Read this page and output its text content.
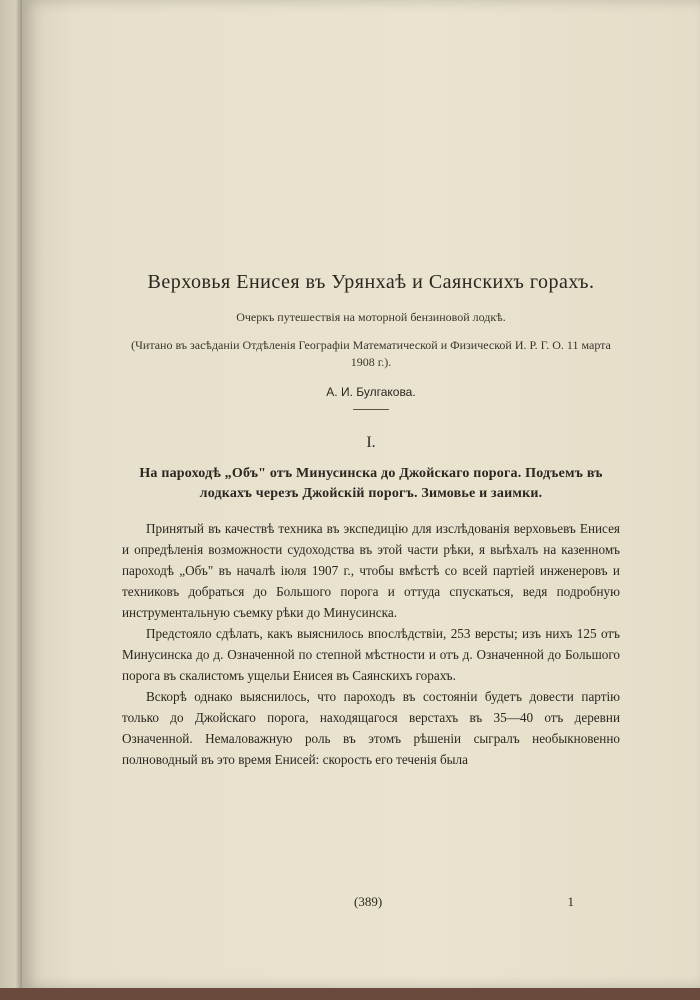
Верховья Енисея въ Урянхаѣ и Саянскихъ горахъ.

Очеркъ путешествія на моторной бензиновой лодкѣ.

(Читано въ засѣданіи Отдѣленія Географіи Математической и Физической И. Р. Г. О. 11 марта 1908 г.).

А. И. Булгакова.

I.

На пароходѣ „Объ" отъ Минусинска до Джойскаго порога. Подъемъ въ лодкахъ черезъ Джойскій порогъ. Зимовье и заимки.

Принятый въ качествѣ техника въ экспедицію для изслѣдованія верховьевъ Енисея и опредѣленія возможности судоходства въ этой части рѣки, я выѣхалъ на казенномъ пароходѣ „Объ" въ началѣ іюля 1907 г., чтобы вмѣстѣ со всей партіей инженеровъ и техниковъ добраться до Большого порога и оттуда спускаться, ведя подробную инструментальную съемку рѣки до Минусинска.

Предстояло сдѣлать, какъ выяснилось впослѣдствіи, 253 версты; изъ нихъ 125 отъ Минусинска до д. Означенной по степной мѣстности и отъ д. Означенной до Большого порога въ скалистомъ ущельи Енисея въ Саянскихъ горахъ.

Вскорѣ однако выяснилось, что пароходъ въ состояніи будетъ довести партію только до Джойскаго порога, находящагося верстахъ въ 35—40 отъ деревни Означенной. Немаловажную роль въ этомъ рѣшеніи сыгралъ необыкновенно полноводный въ это время Енисей: скорость его теченія была

(389)	1
